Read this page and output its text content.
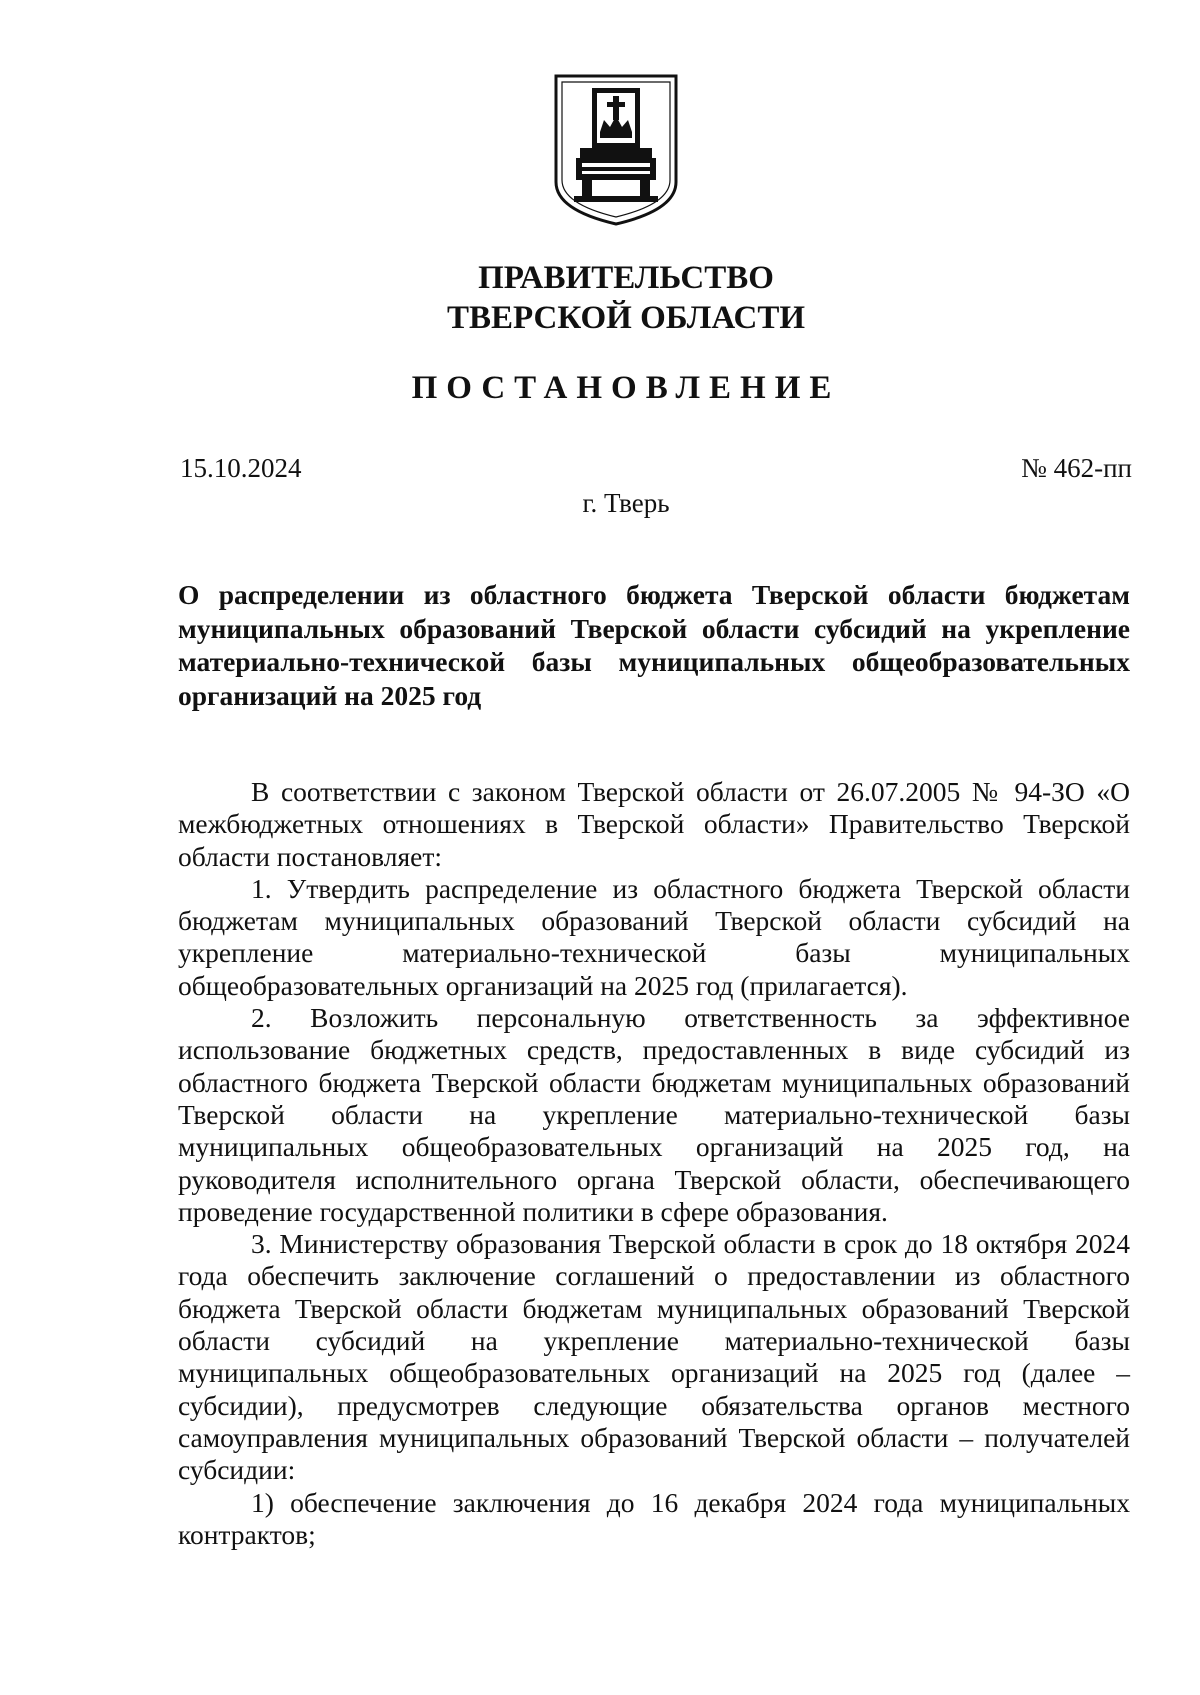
ПРАВИТЕЛЬСТВО
ТВЕРСКОЙ ОБЛАСТИ
ПОСТАНОВЛЕНИЕ
15.10.2024	№ 462-пп
г. Тверь
О распределении из областного бюджета Тверской области бюджетам муниципальных образований Тверской области субсидий на укрепление материально-технической базы муниципальных общеобразовательных организаций на 2025 год

В соответствии с законом Тверской области от 26.07.2005 № 94-ЗО «О межбюджетных отношениях в Тверской области» Правительство Тверской области постановляет:

1. Утвердить распределение из областного бюджета Тверской области бюджетам муниципальных образований Тверской области субсидий на укрепление материально-технической базы муниципальных общеобразовательных организаций на 2025 год (прилагается).

2. Возложить персональную ответственность за эффективное использование бюджетных средств, предоставленных в виде субсидий из областного бюджета Тверской области бюджетам муниципальных образований Тверской области на укрепление материально-технической базы муниципальных общеобразовательных организаций на 2025 год, на руководителя исполнительного органа Тверской области, обеспечивающего проведение государственной политики в сфере образования.

3. Министерству образования Тверской области в срок до 18 октября 2024 года обеспечить заключение соглашений о предоставлении из областного бюджета Тверской области бюджетам муниципальных образований Тверской области субсидий на укрепление материально-технической базы муниципальных общеобразовательных организаций на 2025 год (далее – субсидии), предусмотрев следующие обязательства органов местного самоуправления муниципальных образований Тверской области – получателей субсидии:

1) обеспечение заключения до 16 декабря 2024 года муниципальных контрактов;
